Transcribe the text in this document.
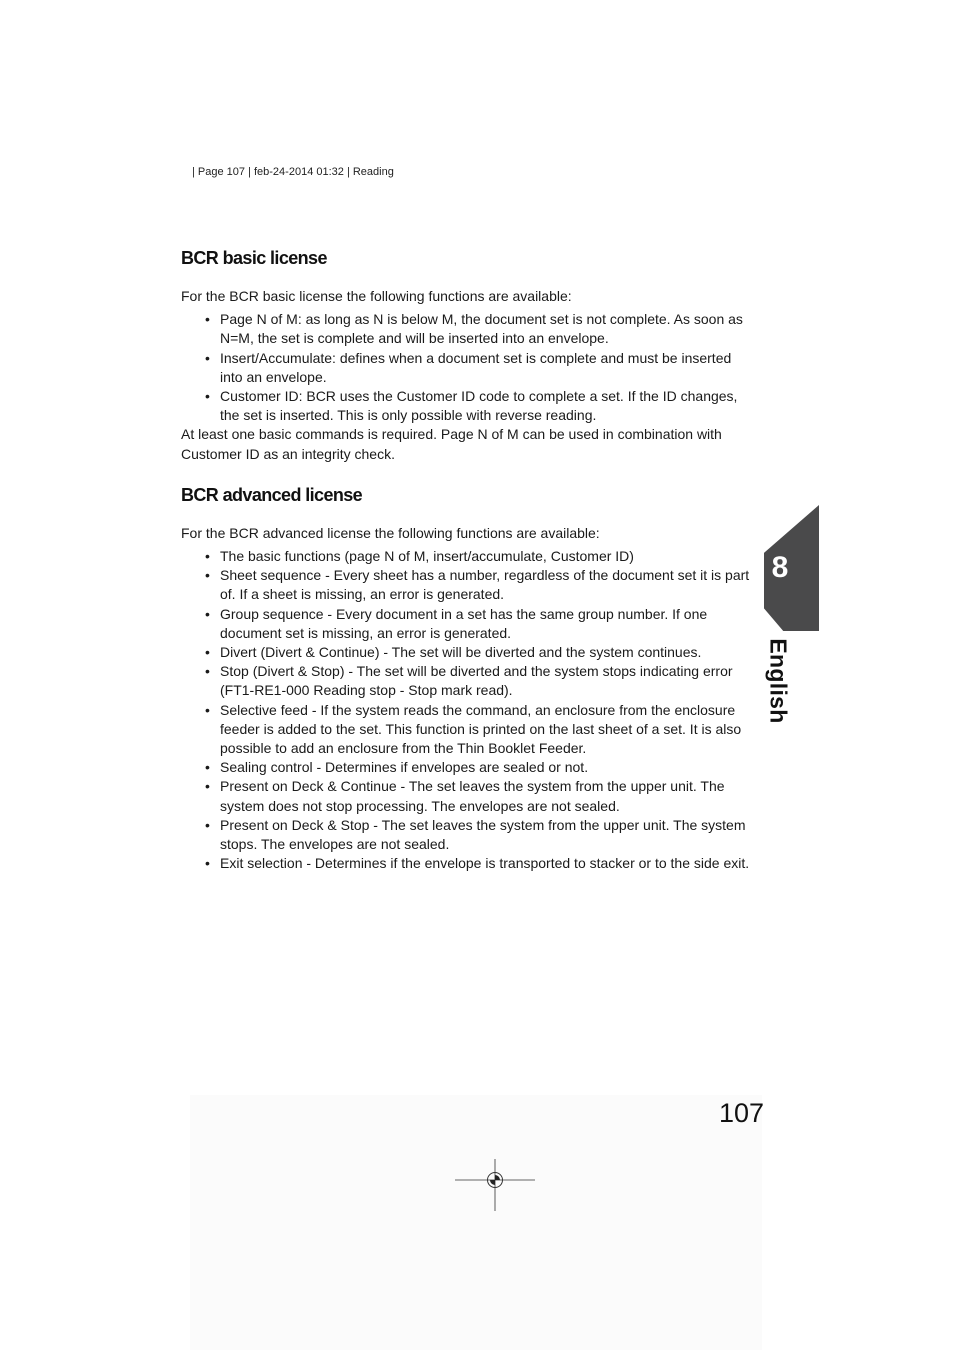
| Page 107 | feb-24-2014 01:32 | Reading
BCR basic license

For the BCR basic license the following functions are available:

• Page N of M: as long as N is below M, the document set is not complete. As soon as N=M, the set is complete and will be inserted into an envelope.
• Insert/Accumulate: defines when a document set is complete and must be inserted into an envelope.
• Customer ID: BCR uses the Customer ID code to complete a set. If the ID changes, the set is inserted. This is only possible with reverse reading.

At least one basic commands is required. Page N of M can be used in combination with Customer ID as an integrity check.

BCR advanced license

For the BCR advanced license the following functions are available:

• The basic functions (page N of M, insert/accumulate, Customer ID)
• Sheet sequence - Every sheet has a number, regardless of the document set it is part of. If a sheet is missing, an error is generated.
• Group sequence - Every document in a set has the same group number. If one document set is missing, an error is generated.
• Divert (Divert & Continue) - The set will be diverted and the system continues.
• Stop (Divert & Stop) - The set will be diverted and the system stops indicating error (FT1-RE1-000 Reading stop - Stop mark read).
• Selective feed - If the system reads the command, an enclosure from the enclosure feeder is added to the set. This function is printed on the last sheet of a set. It is also possible to add an enclosure from the Thin Booklet Feeder.
• Sealing control - Determines if envelopes are sealed or not.
• Present on Deck & Continue - The set leaves the system from the upper unit. The system does not stop processing. The envelopes are not sealed.
• Present on Deck & Stop - The set leaves the system from the upper unit. The system stops. The envelopes are not sealed.
• Exit selection - Determines if the envelope is transported to stacker or to the side exit.
8
English
107
